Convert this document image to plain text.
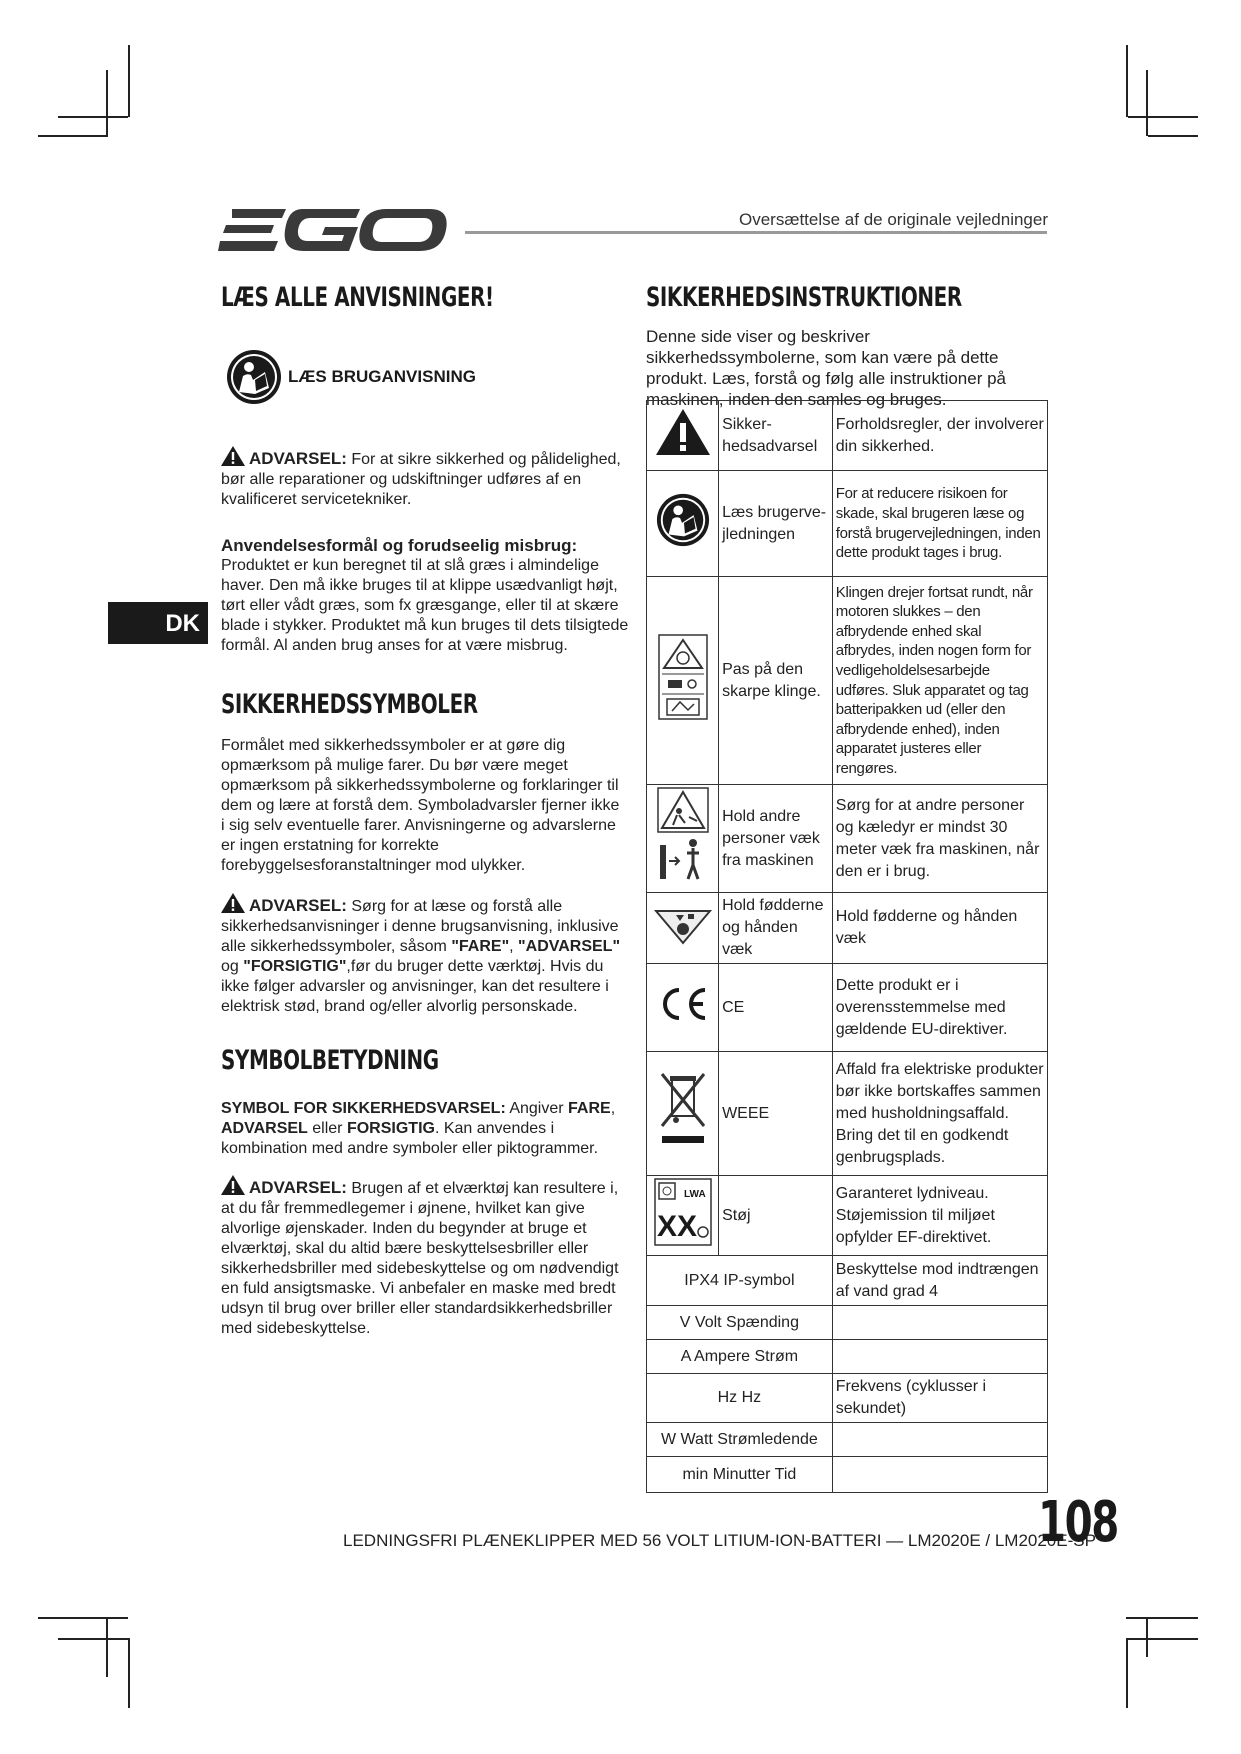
Oversættelse af de originale vejledninger
LÆS ALLE ANVISNINGER!
LÆS BRUGANVISNING
ADVARSEL: For at sikre sikkerhed og pålidelighed, bør alle reparationer og udskiftninger udføres af en kvalificeret servicetekniker.
Anvendelsesformål og forudseelig misbrug:
Produktet er kun beregnet til at slå græs i almindelige haver. Den må ikke bruges til at klippe usædvanligt højt, tørt eller vådt græs, som fx græsgange, eller til at skære blade i stykker. Produktet må kun bruges til dets tilsigtede formål. Al anden brug anses for at være misbrug.
DK
SIKKERHEDSSYMBOLER
Formålet med sikkerhedssymboler er at gøre dig opmærksom på mulige farer. Du bør være meget opmærksom på sikkerhedssymbolerne og forklaringer til dem og lære at forstå dem. Symboladvarsler fjerner ikke i sig selv eventuelle farer. Anvisningerne og advarslerne er ingen erstatning for korrekte forebyggelsesforanstaltninger mod ulykker.
ADVARSEL: Sørg for at læse og forstå alle sikkerhedsanvisninger i denne brugsanvisning, inklusive alle sikkerhedssymboler, såsom "FARE", "ADVARSEL" og "FORSIGTIG",før du bruger dette værktøj. Hvis du ikke følger advarsler og anvisninger, kan det resultere i elektrisk stød, brand og/eller alvorlig personskade.
SYMBOLBETYDNING
SYMBOL FOR SIKKERHEDSVARSEL: Angiver FARE, ADVARSEL eller FORSIGTIG. Kan anvendes i kombination med andre symboler eller piktogrammer.
ADVARSEL: Brugen af et elværktøj kan resultere i, at du får fremmedlegemer i øjnene, hvilket kan give alvorlige øjenskader. Inden du begynder at bruge et elværktøj, skal du altid bære beskyttelsesbriller eller sikkerhedsbriller med sidebeskyttelse og om nødvendigt en fuld ansigtsmaske. Vi anbefaler en maske med bredt udsyn til brug over briller eller standardsikkerhedsbriller med sidebeskyttelse.
SIKKERHEDSINSTRUKTIONER
Denne side viser og beskriver sikkerhedssymbolerne, som kan være på dette produkt. Læs, forstå og følg alle instruktioner på maskinen, inden den samles og bruges.
	Sikker-hedsadvarsel	Forholdsregler, der involverer din sikkerhed.
	Læs brugerve-jledningen	For at reducere risikoen for skade, skal brugeren læse og forstå brugervejledningen, inden dette produkt tages i brug.
	Pas på den skarpe klinge.	Klingen drejer fortsat rundt, når motoren slukkes – den afbrydende enhed skal afbrydes, inden nogen form for vedligeholdelsesarbejde udføres. Sluk apparatet og tag batteripakken ud (eller den afbrydende enhed), inden apparatet justeres eller rengøres.
	Hold andre personer væk fra maskinen	Sørg for at andre personer og kæledyr er mindst 30 meter væk fra maskinen, når den er i brug.
	Hold fødderne og hånden væk	Hold fødderne og hånden væk
	CE	Dette produkt er i overensstemmelse med gældende EU-direktiver.
	WEEE	Affald fra elektriske produkter bør ikke bortskaffes sammen med husholdningsaffald. Bring det til en godkendt genbrugsplads.

LWA
XX	Støj	Garanteret lydniveau. Støjemission til miljøet opfylder EF-direktivet.
IPX4 IP-symbol		Beskyttelse mod indtrængen af vand grad 4
V Volt Spænding		
A Ampere Strøm		
Hz Hz		Frekvens (cyklusser i sekundet)
W Watt Strømledende		
min Minutter Tid		
LEDNINGSFRI PLÆNEKLIPPER MED 56 VOLT LITIUM-ION-BATTERI — LM2020E / LM2020E-SP
108
